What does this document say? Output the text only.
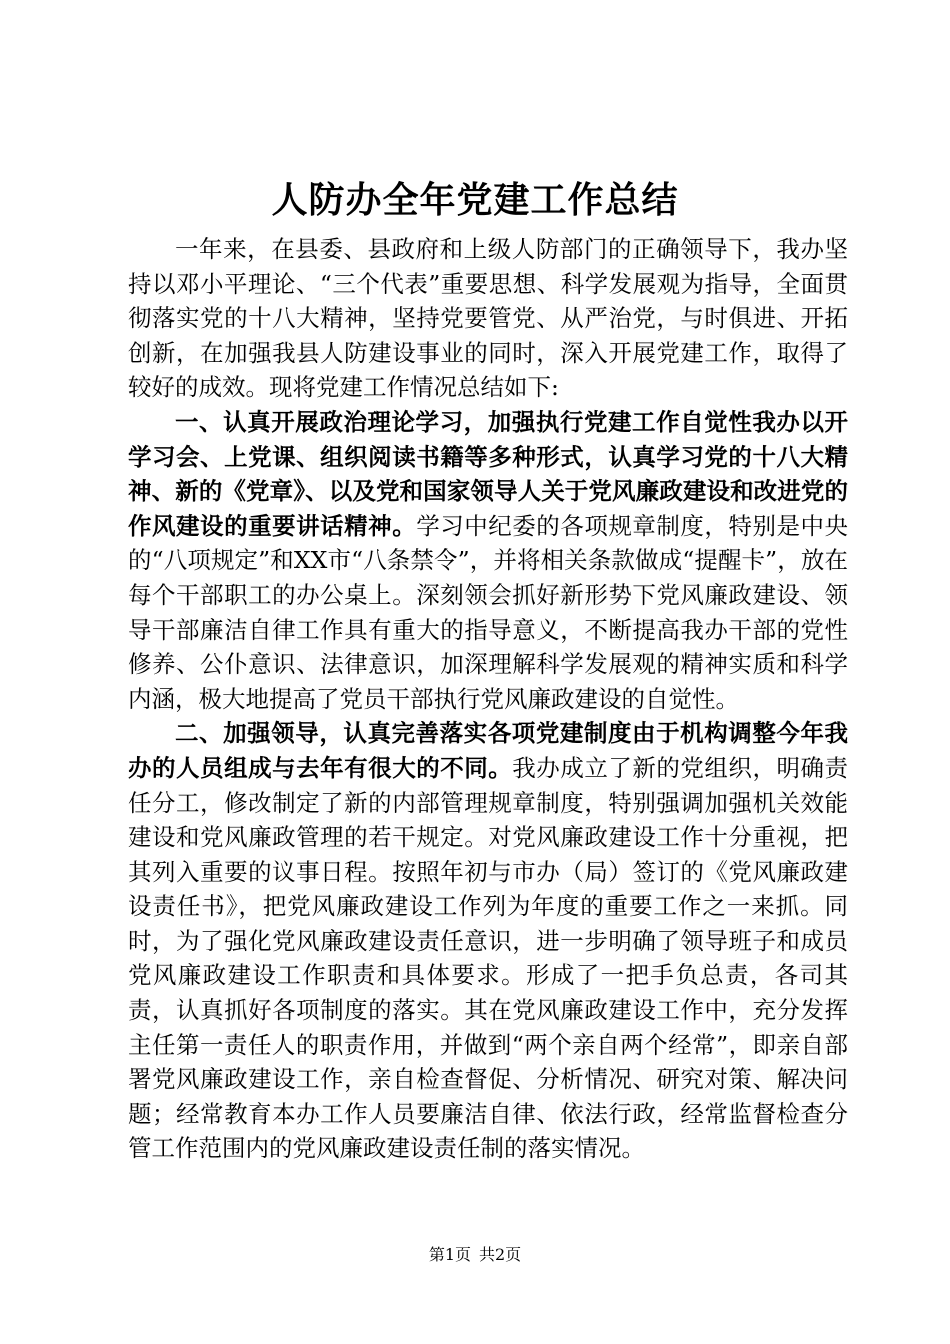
人防办全年党建工作总结

一年来，在县委、县政府和上级人防部门的正确领导下，我办坚持以邓小平理论、“三个代表”重要思想、科学发展观为指导，全面贯彻落实党的十八大精神，坚持党要管党、从严治党，与时俱进、开拓创新，在加强我县人防建设事业的同时，深入开展党建工作，取得了较好的成效。现将党建工作情况总结如下:

一、认真开展政治理论学习，加强执行党建工作自觉性我办以开学习会、上党课、组织阅读书籍等多种形式，认真学习党的十八大精神、新的《党章》、以及党和国家领导人关于党风廉政建设和改进党的作风建设的重要讲话精神。学习中纪委的各项规章制度，特别是中央的“八项规定”和XX市“八条禁令”，并将相关条款做成“提醒卡”，放在每个干部职工的办公桌上。深刻领会抓好新形势下党风廉政建设、领导干部廉洁自律工作具有重大的指导意义，不断提高我办干部的党性修养、公仆意识、法律意识，加深理解科学发展观的精神实质和科学内涵，极大地提高了党员干部执行党风廉政建设的自觉性。

二、加强领导，认真完善落实各项党建制度由于机构调整今年我办的人员组成与去年有很大的不同。我办成立了新的党组织，明确责任分工，修改制定了新的内部管理规章制度，特别强调加强机关效能建设和党风廉政管理的若干规定。对党风廉政建设工作十分重视，把其列入重要的议事日程。按照年初与市办（局）签订的《党风廉政建设责任书》，把党风廉政建设工作列为年度的重要工作之一来抓。同时，为了强化党风廉政建设责任意识，进一步明确了领导班子和成员党风廉政建设工作职责和具体要求。形成了一把手负总责，各司其责，认真抓好各项制度的落实。其在党风廉政建设工作中，充分发挥主任第一责任人的职责作用，并做到“两个亲自两个经常”，即亲自部署党风廉政建设工作，亲自检查督促、分析情况、研究对策、解决问题；经常教育本办工作人员要廉洁自律、依法行政，经常监督检查分管工作范围内的党风廉政建设责任制的落实情况。

第1页 共2页
